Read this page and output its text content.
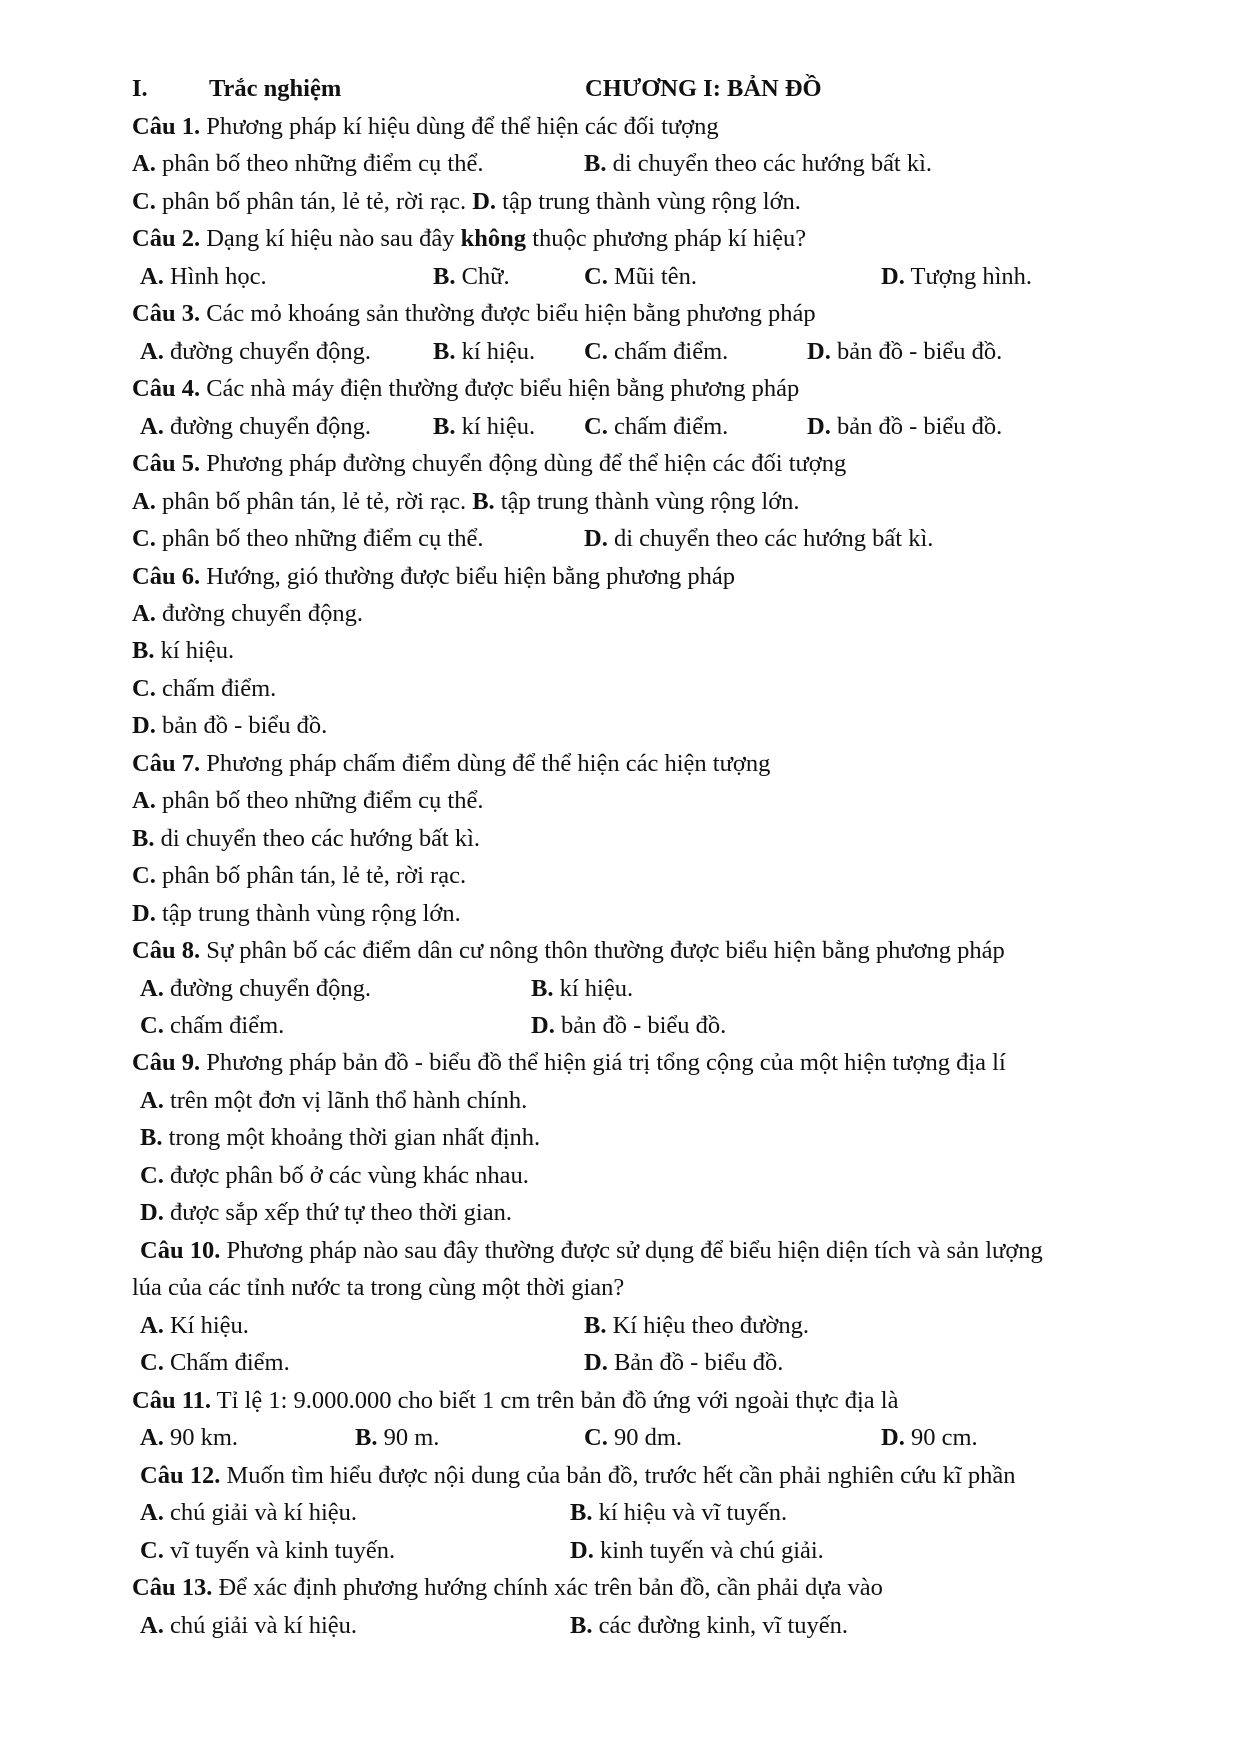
I.	Trắc nghiệm	CHƯƠNG I: BẢN ĐỒ
Câu 1. Phương pháp kí hiệu dùng để thể hiện các đối tượng
A. phân bố theo những điểm cụ thể.	B. di chuyển theo các hướng bất kì.
C. phân bố phân tán, lẻ tẻ, rời rạc. D. tập trung thành vùng rộng lớn.
Câu 2. Dạng kí hiệu nào sau đây không thuộc phương pháp kí hiệu?
A. Hình học.	B. Chữ.	C. Mũi tên.	D. Tượng hình.
Câu 3. Các mỏ khoáng sản thường được biểu hiện bằng phương pháp
A. đường chuyển động.	B. kí hiệu. C. chấm điểm.	D. bản đồ - biểu đồ.
Câu 4. Các nhà máy điện thường được biểu hiện bằng phương pháp
A. đường chuyển động.	B. kí hiệu. C. chấm điểm.	D. bản đồ - biểu đồ.
Câu 5. Phương pháp đường chuyển động dùng để thể hiện các đối tượng
A. phân bố phân tán, lẻ tẻ, rời rạc. B. tập trung thành vùng rộng lớn.
C. phân bố theo những điểm cụ thể.	D. di chuyển theo các hướng bất kì.
Câu 6. Hướng, gió thường được biểu hiện bằng phương pháp
A. đường chuyển động.
B. kí hiệu.
C. chấm điểm.
D. bản đồ - biểu đồ.
Câu 7. Phương pháp chấm điểm dùng để thể hiện các hiện tượng
A. phân bố theo những điểm cụ thể.
B. di chuyển theo các hướng bất kì.
C. phân bố phân tán, lẻ tẻ, rời rạc.
D. tập trung thành vùng rộng lớn.
Câu 8. Sự phân bố các điểm dân cư nông thôn thường được biểu hiện bằng phương pháp
A. đường chuyển động.	B. kí hiệu.
C. chấm điểm.	D. bản đồ - biểu đồ.
Câu 9. Phương pháp bản đồ - biểu đồ thể hiện giá trị tổng cộng của một hiện tượng địa lí
A. trên một đơn vị lãnh thổ hành chính.
B. trong một khoảng thời gian nhất định.
C. được phân bố ở các vùng khác nhau.
D. được sắp xếp thứ tự theo thời gian.
Câu 10. Phương pháp nào sau đây thường được sử dụng để biểu hiện diện tích và sản lượng
lúa của các tỉnh nước ta trong cùng một thời gian?
A. Kí hiệu.	B. Kí hiệu theo đường.
C. Chấm điểm.	D. Bản đồ - biểu đồ.
Câu 11. Tỉ lệ 1: 9.000.000 cho biết 1 cm trên bản đồ ứng với ngoài thực địa là
A. 90 km.	B. 90 m.	C. 90 dm.	D. 90 cm.
Câu 12. Muốn tìm hiểu được nội dung của bản đồ, trước hết cần phải nghiên cứu kĩ phần
A. chú giải và kí hiệu.	B. kí hiệu và vĩ tuyến.
C. vĩ tuyến và kinh tuyến.	D. kinh tuyến và chú giải.
Câu 13. Để xác định phương hướng chính xác trên bản đồ, cần phải dựa vào
A. chú giải và kí hiệu.	B. các đường kinh, vĩ tuyến.
